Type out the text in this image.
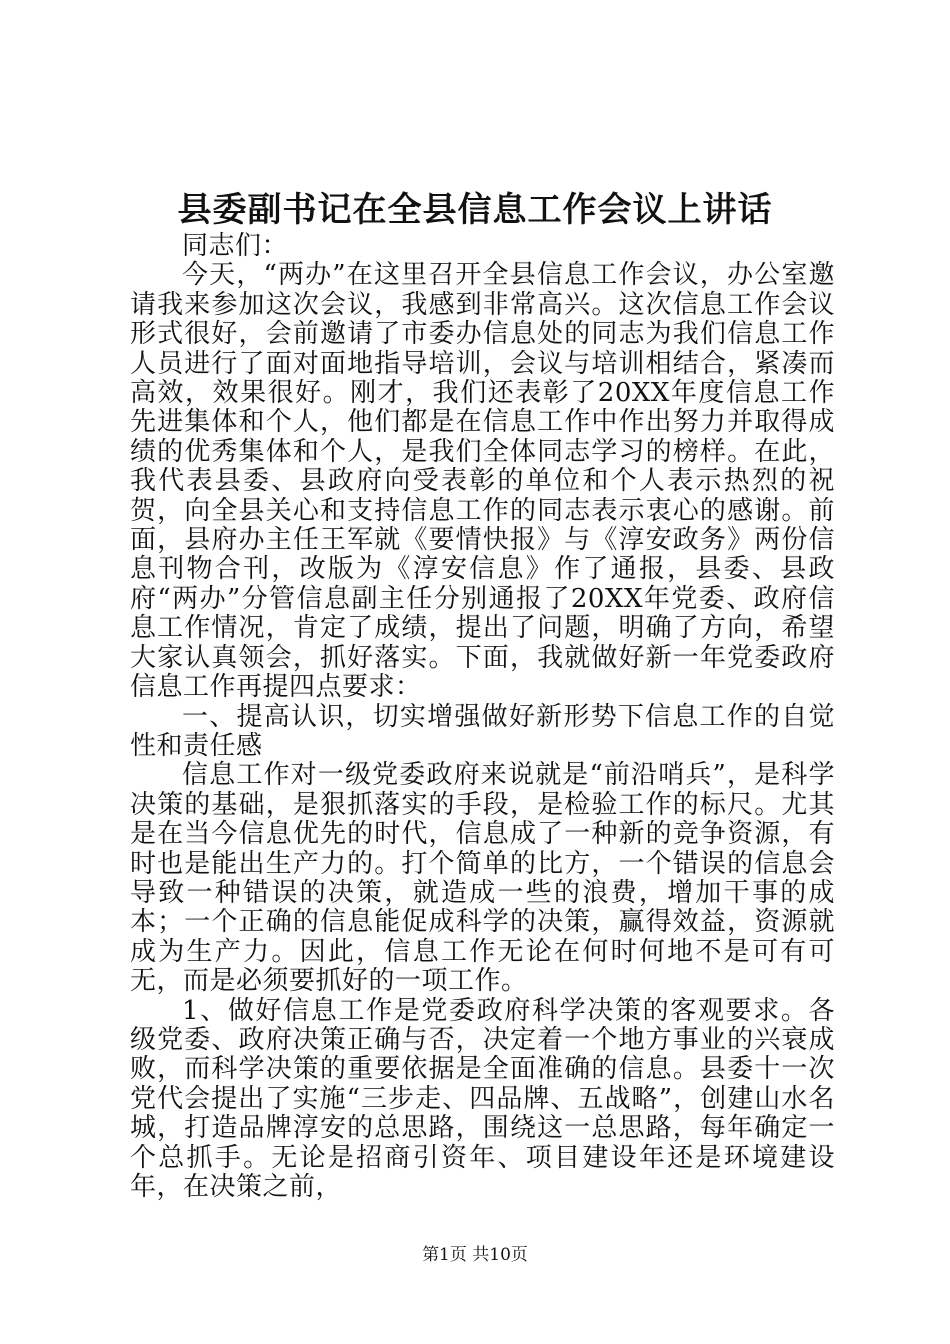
县委副书记在全县信息工作会议上讲话

同志们：

今天，“两办”在这里召开全县信息工作会议，办公室邀请我来参加这次会议，我感到非常高兴。这次信息工作会议形式很好，会前邀请了市委办信息处的同志为我们信息工作人员进行了面对面地指导培训，会议与培训相结合，紧凑而高效，效果很好。刚才，我们还表彰了20XX年度信息工作先进集体和个人，他们都是在信息工作中作出努力并取得成绩的优秀集体和个人，是我们全体同志学习的榜样。在此，我代表县委、县政府向受表彰的单位和个人表示热烈的祝贺，向全县关心和支持信息工作的同志表示衷心的感谢。前面，县府办主任王军就《要情快报》与《淳安政务》两份信息刊物合刊，改版为《淳安信息》作了通报，县委、县政府“两办”分管信息副主任分别通报了20XX年党委、政府信息工作情况，肯定了成绩，提出了问题，明确了方向，希望大家认真领会，抓好落实。下面，我就做好新一年党委政府信息工作再提四点要求：

一、提高认识，切实增强做好新形势下信息工作的自觉性和责任感

信息工作对一级党委政府来说就是“前沿哨兵”，是科学决策的基础，是狠抓落实的手段，是检验工作的标尺。尤其是在当今信息优先的时代，信息成了一种新的竞争资源，有时也是能出生产力的。打个简单的比方，一个错误的信息会导致一种错误的决策，就造成一些的浪费，增加干事的成本；一个正确的信息能促成科学的决策，赢得效益，资源就成为生产力。因此，信息工作无论在何时何地不是可有可无，而是必须要抓好的一项工作。

1、做好信息工作是党委政府科学决策的客观要求。各级党委、政府决策正确与否，决定着一个地方事业的兴衰成败，而科学决策的重要依据是全面准确的信息。县委十一次党代会提出了实施“三步走、四品牌、五战略”，创建山水名城，打造品牌淳安的总思路，围绕这一总思路，每年确定一个总抓手。无论是招商引资年、项目建设年还是环境建设年，在决策之前，

第1页 共10页
